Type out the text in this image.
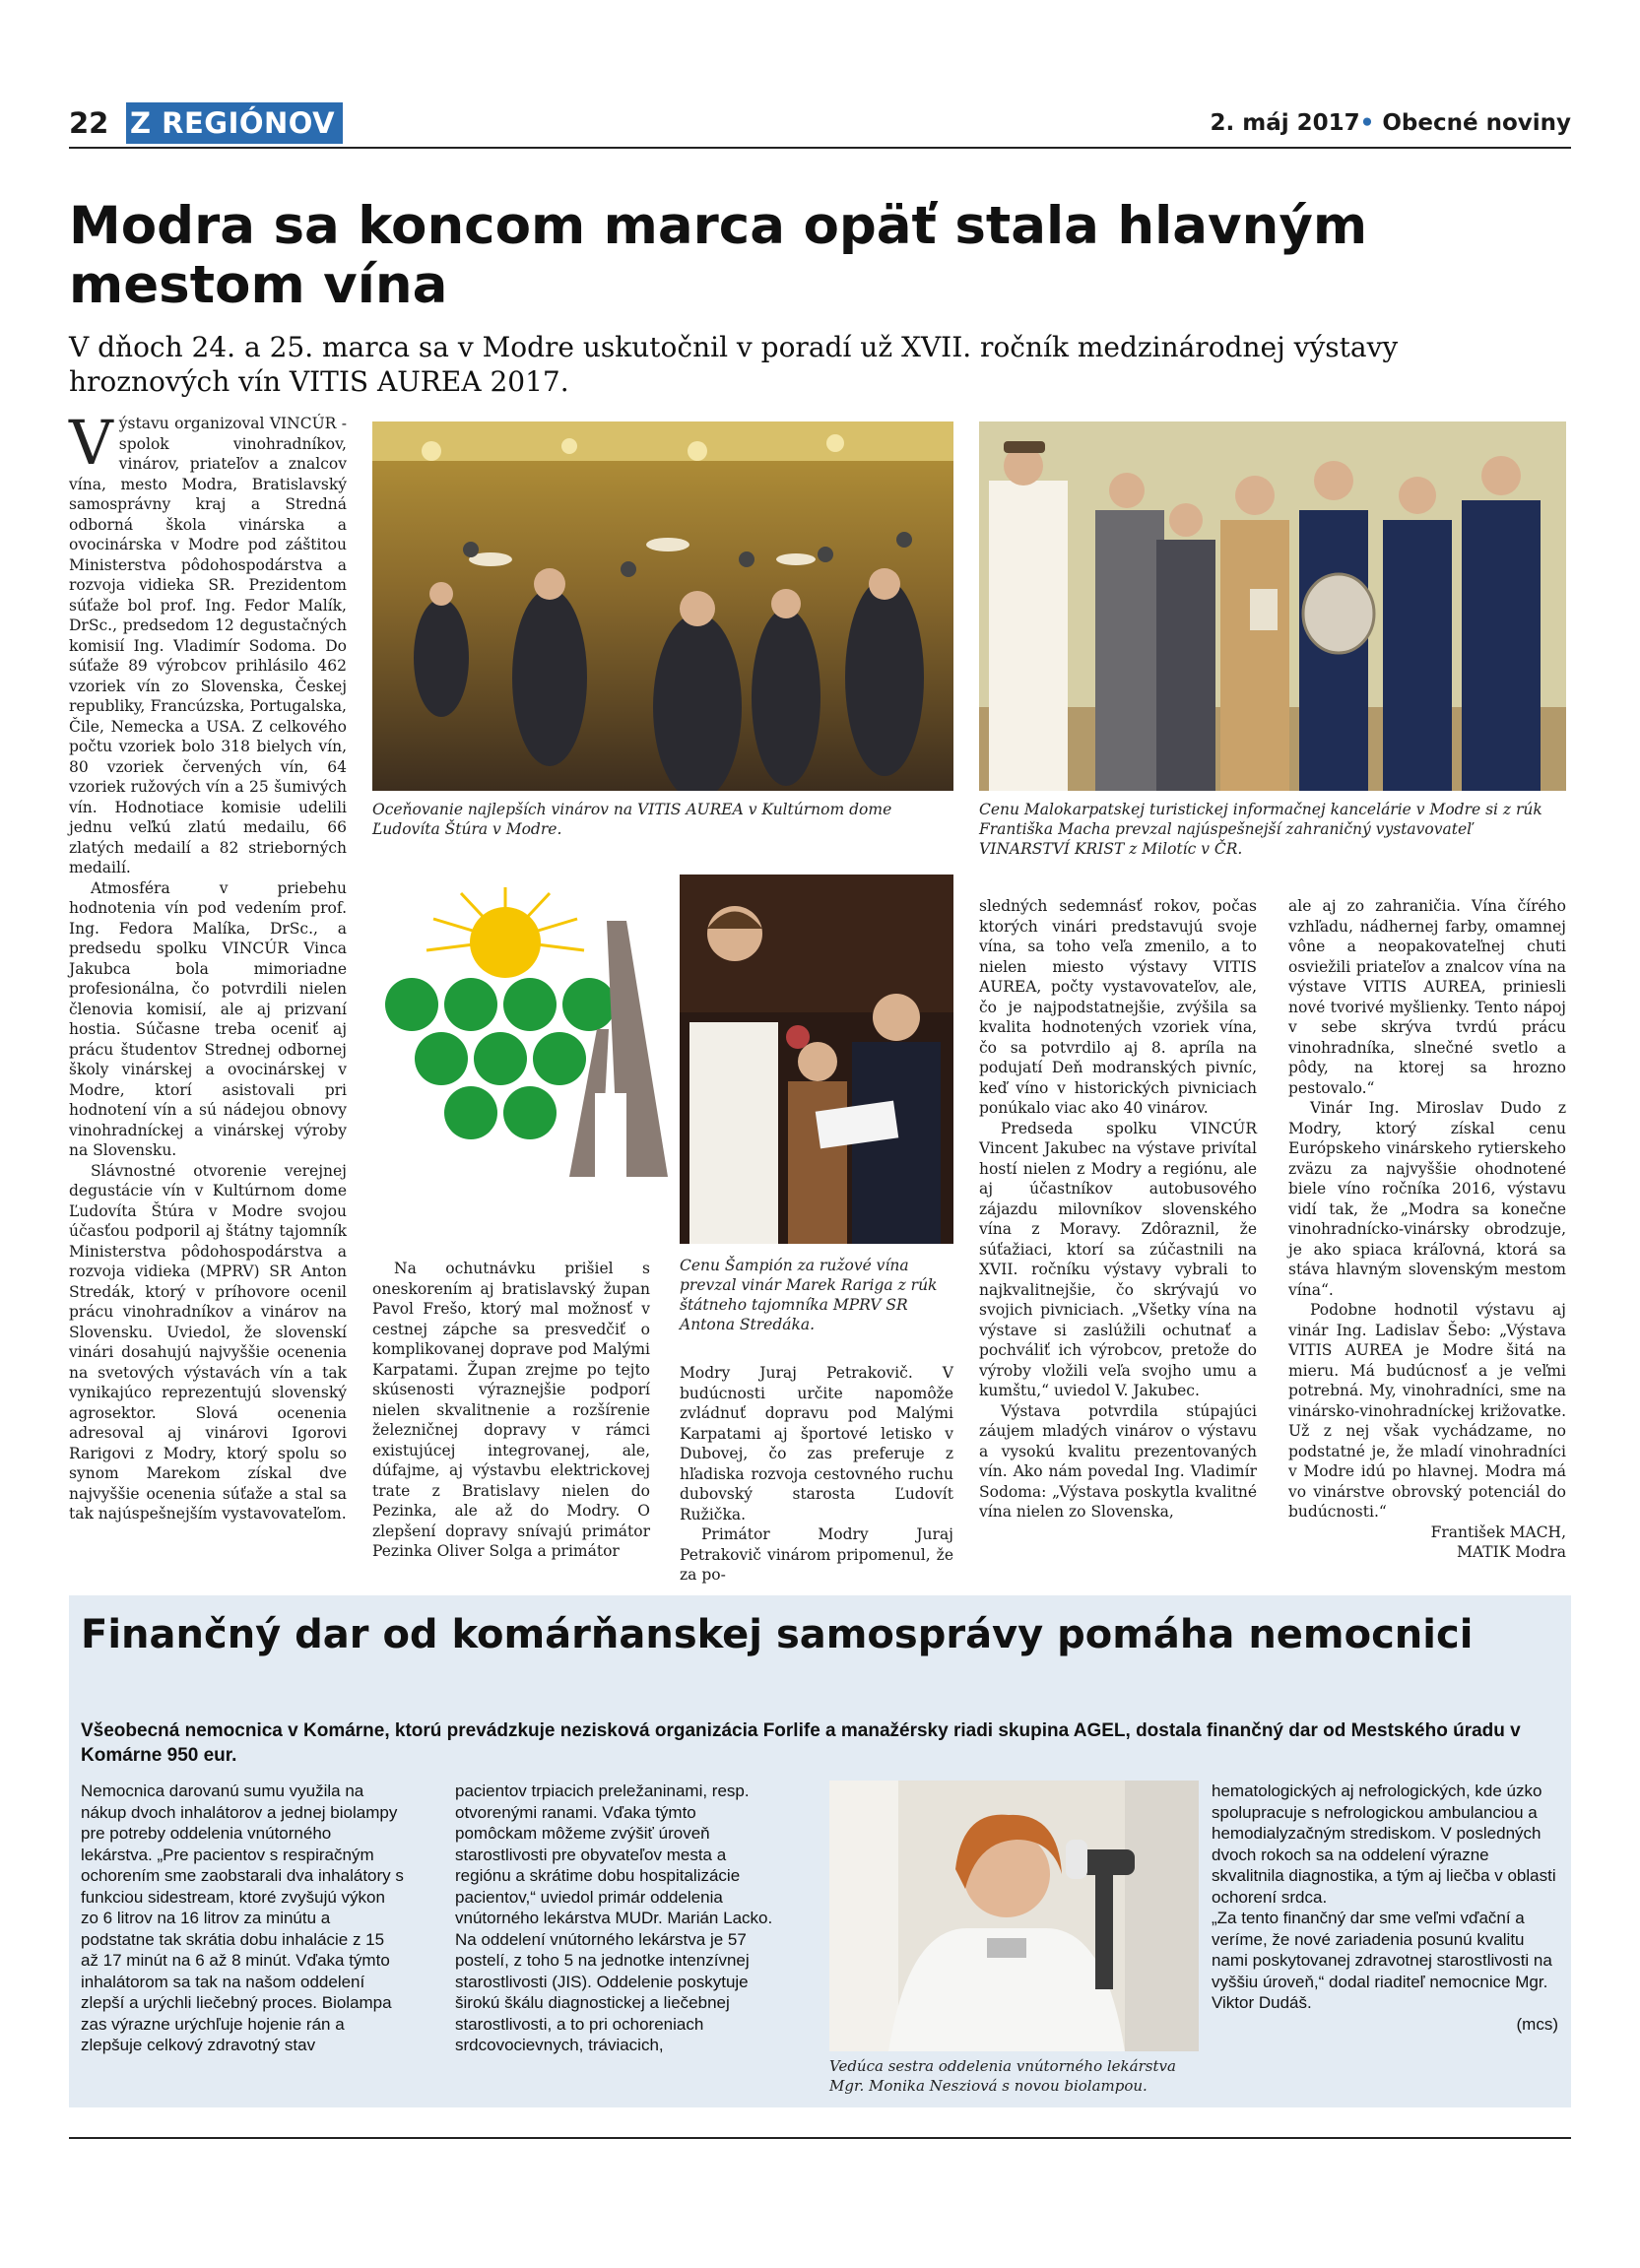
22 Z REGIÓNOV	2. máj 2017• Obecné noviny
Modra sa koncom marca opäť stala hlavným mestom vína
V dňoch 24. a 25. marca sa v Modre uskutočnil v poradí už XVII. ročník medzinárodnej výstavy hroznových vín VITIS AUREA 2017.

Výstavu organizoval VINCÚR - spolok vinohradníkov, vinárov, priateľov a znalcov vína, mesto Modra, Bratislavský samosprávny kraj a Stredná odborná škola vinárska a ovocinárska v Modre pod záštitou Ministerstva pôdohospodárstva a rozvoja vidieka SR. Prezidentom súťaže bol prof. Ing. Fedor Malík, DrSc., predsedom 12 degustačných komisií Ing. Vladimír Sodoma. Do súťaže 89 výrobcov prihlásilo 462 vzoriek vín zo Slovenska, Českej republiky, Francúzska, Portugalska, Čile, Nemecka a USA. Z celkového počtu vzoriek bolo 318 bielych vín, 80 vzoriek červených vín, 64 vzoriek ružových vín a 25 šumivých vín. Hodnotiace komisie udelili jednu veľkú zlatú medailu, 66 zlatých medailí a 82 strieborných medailí.

Atmosféra v priebehu hodnotenia vín pod vedením prof. Ing. Fedora Malíka, DrSc., a predsedu spolku VINCÚR Vinca Jakubca bola mimoriadne profesionálna, čo potvrdili nielen členovia komisií, ale aj prizvaní hostia. Súčasne treba oceniť aj prácu študentov Strednej odbornej školy vinárskej a ovocinárskej v Modre, ktorí asistovali pri hodnotení vín a sú nádejou obnovy vinohradníckej a vinárskej výroby na Slovensku.

Slávnostné otvorenie verejnej degustácie vín v Kultúrnom dome Ľudovíta Štúra v Modre svojou účasťou podporil aj štátny tajomník Ministerstva pôdohospodárstva a rozvoja vidieka (MPRV) SR Anton Stredák, ktorý v príhovore ocenil prácu vinohradníkov a vinárov na Slovensku. Uviedol, že slovenskí vinári dosahujú najvyššie ocenenia na svetových výstavách vín a tak vynikajúco reprezentujú slovenský agrosektor. Slová ocenenia adresoval aj vinárovi Igorovi Rarigovi z Modry, ktorý spolu so synom Marekom získal dve najvyššie ocenenia súťaže a stal sa tak najúspešnejším vystavovateľom.

Oceňovanie najlepších vinárov na VITIS AUREA v Kultúrnom dome Ľudovíta Štúra v Modre.
Cenu Malokarpatskej turistickej informačnej kancelárie v Modre si z rúk Františka Macha prevzal najúspešnejší zahraničný vystavovateľ VINARSTVÍ KRIST z Milotíc v ČR.
Cenu Šampión za ružové vína prevzal vinár Marek Rariga z rúk štátneho tajomníka MPRV SR Antona Stredáka.

Na ochutnávku prišiel s oneskorením aj bratislavský župan Pavol Frešo, ktorý mal možnosť v cestnej zápche sa presvedčiť o komplikovanej doprave pod Malými Karpatami. Župan zrejme po tejto skúsenosti výraznejšie podporí nielen skvalitnenie a rozšírenie železničnej dopravy v rámci existujúcej integrovanej, ale, dúfajme, aj výstavbu elektrickovej trate z Bratislavy nielen do Pezinka, ale až do Modry. O zlepšení dopravy snívajú primátor Pezinka Oliver Solga a primátor

Modry Juraj Petrakovič. V budúcnosti určite napomôže zvládnuť dopravu pod Malými Karpatami aj športové letisko v Dubovej, čo zas preferuje z hľadiska rozvoja cestovného ruchu dubovský starosta Ľudovít Ružička.

Primátor Modry Juraj Petrakovič vinárom pripomenul, že za po-

sledných sedemnásť rokov, počas ktorých vinári predstavujú svoje vína, sa toho veľa zmenilo, a to nielen miesto výstavy VITIS AUREA, počty vystavovateľov, ale, čo je najpodstatnejšie, zvýšila sa kvalita hodnotených vzoriek vína, čo sa potvrdilo aj 8. apríla na podujatí Deň modranských pivníc, keď víno v historických pivniciach ponúkalo viac ako 40 vinárov.

Predseda spolku VINCÚR Vincent Jakubec na výstave privítal hostí nielen z Modry a regiónu, ale aj účastníkov autobusového zájazdu milovníkov slovenského vína z Moravy. Zdôraznil, že súťažiaci, ktorí sa zúčastnili na XVII. ročníku výstavy vybrali to najkvalitnejšie, čo skrývajú vo svojich pivniciach. „Všetky vína na výstave si zaslúžili ochutnať a pochváliť ich výrobcov, pretože do výroby vložili veľa svojho umu a kumštu,“ uviedol V. Jakubec.

Výstava potvrdila stúpajúci záujem mladých vinárov o výstavu a vysokú kvalitu prezentovaných vín. Ako nám povedal Ing. Vladimír Sodoma: „Výstava poskytla kvalitné vína nielen zo Slovenska,

ale aj zo zahraničia. Vína čírého vzhľadu, nádhernej farby, omamnej vône a neopakovateľnej chuti osviežili priateľov a znalcov vína na výstave VITIS AUREA, priniesli nové tvorivé myšlienky. Tento nápoj v sebe skrýva tvrdú prácu vinohradníka, slnečné svetlo a pôdy, na ktorej sa hrozno pestovalo.“

Vinár Ing. Miroslav Dudo z Modry, ktorý získal cenu Európskeho vinárskeho rytierskeho zväzu za najvyššie ohodnotené biele víno ročníka 2016, výstavu vidí tak, že „Modra sa konečne vinohradnícko-vinársky obrodzuje, je ako spiaca kráľovná, ktorá sa stáva hlavným slovenským mestom vína“.

Podobne hodnotil výstavu aj vinár Ing. Ladislav Šebo: „Výstava VITIS AUREA je Modre šitá na mieru. Má budúcnosť a je veľmi potrebná. My, vinohradníci, sme na vinársko-vinohradníckej križovatke. Už z nej však vychádzame, no podstatné je, že mladí vinohradníci v Modre idú po hlavnej. Modra má vo vinárstve obrovský potenciál do budúcnosti.“

František MACH,
MATIK Modra
Finančný dar od komárňanskej samosprávy pomáha nemocnici
Všeobecná nemocnica v Komárne, ktorú prevádzkuje nezisková organizácia Forlife a manažérsky riadi skupina AGEL, dostala finančný dar od Mestského úradu v Komárne 950 eur.

Nemocnica darovanú sumu využila na nákup dvoch inhalátorov a jednej biolampy pre potreby oddelenia vnútorného lekárstva. „Pre pacientov s respiračným ochorením sme zaobstarali dva inhalátory s funkciou sidestream, ktoré zvyšujú výkon zo 6 litrov na 16 litrov za minútu a podstatne tak skrátia dobu inhalácie z 15 až 17 minút na 6 až 8 minút. Vďaka týmto inhalátorom sa tak na našom oddelení zlepší a urýchli liečebný proces. Biolampa zas výrazne urýchľuje hojenie rán a zlepšuje celkový zdravotný stav

pacientov trpiacich preležaninami, resp. otvorenými ranami. Vďaka týmto pomôckam môžeme zvýšiť úroveň starostlivosti pre obyvateľov mesta a regiónu a skrátime dobu hospitalizácie pacientov,“ uviedol primár oddelenia vnútorného lekárstva MUDr. Marián Lacko.

Na oddelení vnútorného lekárstva je 57 postelí, z toho 5 na jednotke intenzívnej starostlivosti (JIS). Oddelenie poskytuje širokú škálu diagnostickej a liečebnej starostlivosti, a to pri ochoreniach srdcovocievnych, tráviacich,

Vedúca sestra oddelenia vnútorného lekárstva Mgr. Monika Nesziová s novou biolampou.

hematologických aj nefrologických, kde úzko spolupracuje s nefrologickou ambulanciou a hemodialyzačným strediskom. V posledných dvoch rokoch sa na oddelení výrazne skvalitnila diagnostika, a tým aj liečba v oblasti ochorení srdca.

„Za tento finančný dar sme veľmi vďační a veríme, že nové zariadenia posunú kvalitu nami poskytovanej zdravotnej starostlivosti na vyššiu úroveň,“ dodal riaditeľ nemocnice Mgr. Viktor Dudáš.

(mcs)
